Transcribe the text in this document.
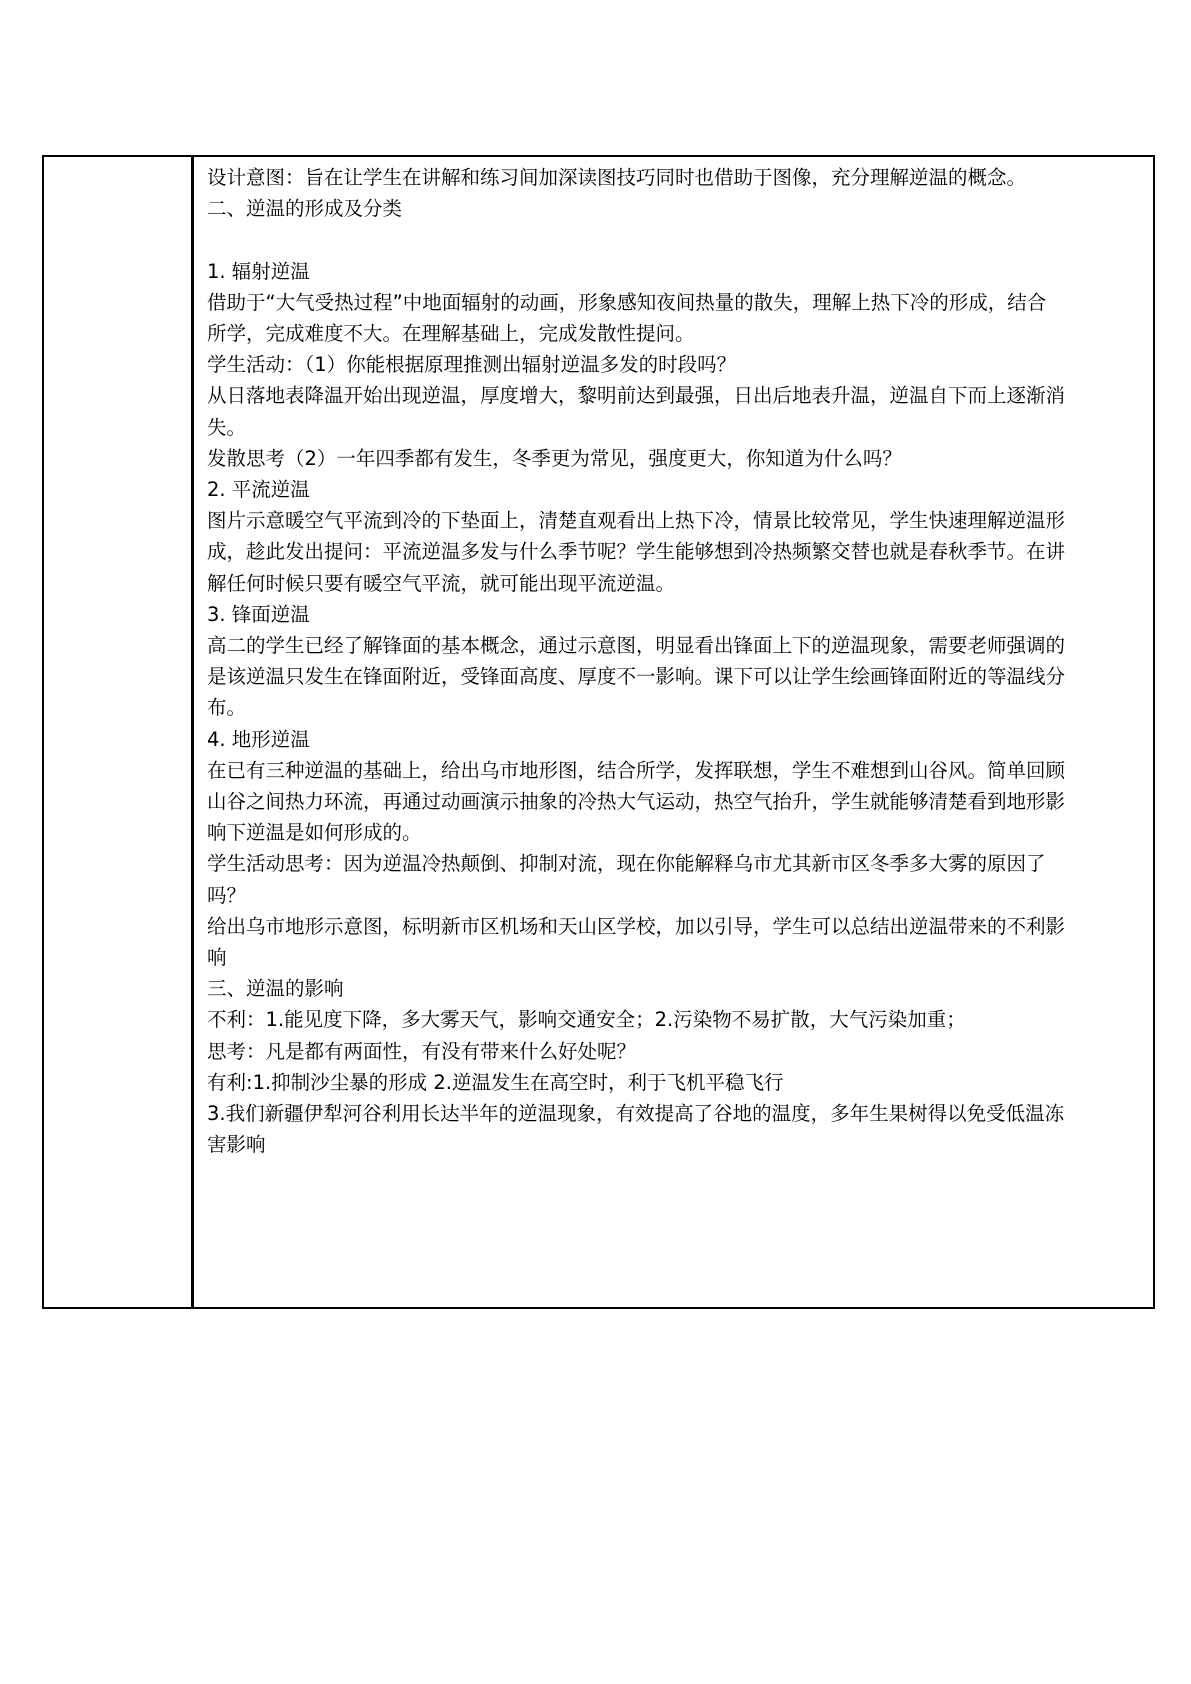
设计意图：旨在让学生在讲解和练习间加深读图技巧同时也借助于图像，充分理解逆温的概念。

二、逆温的形成及分类

1. 辐射逆温

借助于“大气受热过程”中地面辐射的动画，形象感知夜间热量的散失，理解上热下冷的形成，结合

所学，完成难度不大。在理解基础上，完成发散性提问。

学生活动：（1）你能根据原理推测出辐射逆温多发的时段吗？

从日落地表降温开始出现逆温，厚度增大，黎明前达到最强，日出后地表升温，逆温自下而上逐渐消

失。

发散思考（2）一年四季都有发生，冬季更为常见，强度更大，你知道为什么吗？

2. 平流逆温

图片示意暖空气平流到冷的下垫面上，清楚直观看出上热下冷，情景比较常见，学生快速理解逆温形

成，趁此发出提问：平流逆温多发与什么季节呢？学生能够想到冷热频繁交替也就是春秋季节。在讲

解任何时候只要有暖空气平流，就可能出现平流逆温。

3. 锋面逆温

高二的学生已经了解锋面的基本概念，通过示意图，明显看出锋面上下的逆温现象，需要老师强调的

是该逆温只发生在锋面附近，受锋面高度、厚度不一影响。课下可以让学生绘画锋面附近的等温线分

布。

4. 地形逆温

在已有三种逆温的基础上，给出乌市地形图，结合所学，发挥联想，学生不难想到山谷风。简单回顾

山谷之间热力环流，再通过动画演示抽象的冷热大气运动，热空气抬升，学生就能够清楚看到地形影

响下逆温是如何形成的。

学生活动思考：因为逆温冷热颠倒、抑制对流，现在你能解释乌市尤其新市区冬季多大雾的原因了

吗？

给出乌市地形示意图，标明新市区机场和天山区学校，加以引导，学生可以总结出逆温带来的不利影

响

三、逆温的影响

不利：1.能见度下降，多大雾天气，影响交通安全；2.污染物不易扩散，大气污染加重；

思考：凡是都有两面性，有没有带来什么好处呢？

有利:1.抑制沙尘暴的形成 2.逆温发生在高空时，利于飞机平稳飞行

3.我们新疆伊犁河谷利用长达半年的逆温现象，有效提高了谷地的温度，多年生果树得以免受低温冻

害影响
